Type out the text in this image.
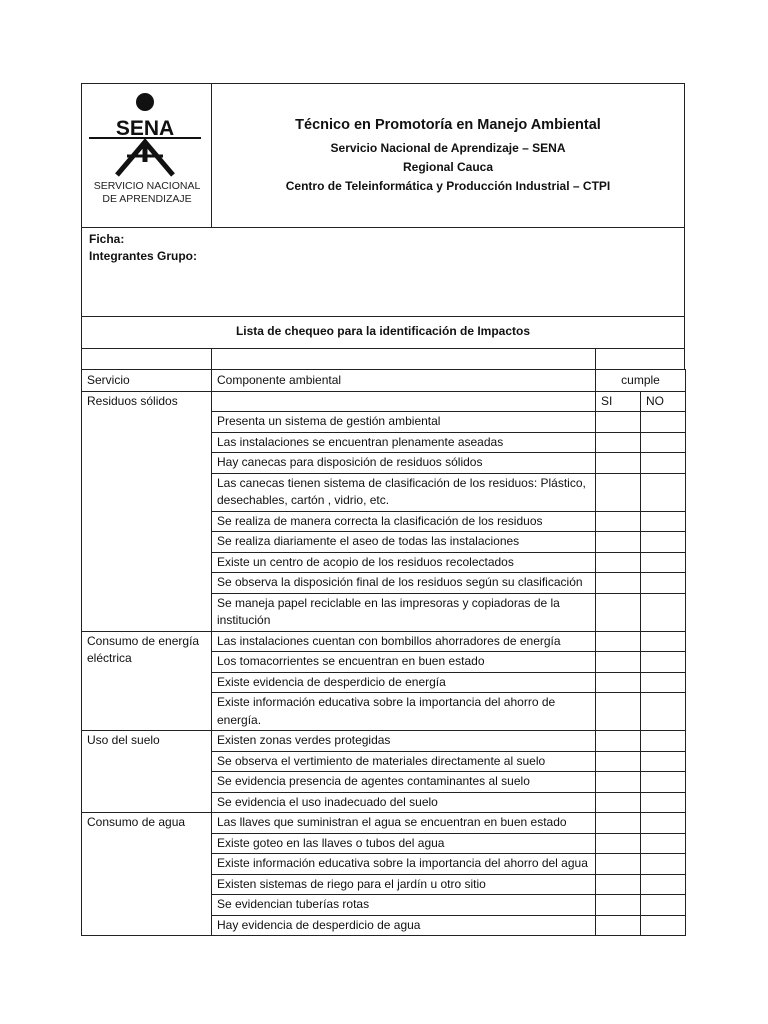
SENA
SERVICIO NACIONAL
DE APRENDIZAJE
Técnico en Promotoría en Manejo Ambiental
Servicio Nacional de Aprendizaje – SENA
Regional Cauca
Centro de Teleinformática y Producción Industrial – CTPI
Ficha:
Integrantes Grupo:
Lista de chequeo para la identificación de Impactos
Servicio	Componente ambiental	cumple	
Residuos sólidos		SI	NO
	Presenta un sistema de gestión ambiental		
	Las instalaciones se encuentran plenamente aseadas		
	Hay canecas para disposición de residuos sólidos		
	Las canecas tienen sistema de clasificación de los residuos: Plástico, desechables, cartón , vidrio, etc.		
	Se realiza de manera correcta la clasificación de los residuos		
	Se realiza diariamente el aseo de todas las instalaciones		
	Existe un centro de acopio de los residuos recolectados		
	Se observa la disposición final de los residuos según su clasificación		
	Se maneja papel reciclable en las impresoras y copiadoras de la institución		
Consumo de energía eléctrica	Las instalaciones cuentan con bombillos ahorradores de energía		
	Los tomacorrientes se encuentran en buen estado		
	Existe evidencia de desperdicio de energía		
	Existe información educativa sobre la importancia del ahorro de energía.		
Uso del suelo	Existen zonas verdes protegidas		
	Se observa el vertimiento de materiales directamente al suelo		
	Se evidencia presencia de agentes contaminantes al suelo		
	Se evidencia el uso inadecuado del suelo		
Consumo de agua	Las llaves que suministran el agua se encuentran en buen estado		
	Existe goteo en las llaves o tubos del agua		
	Existe información educativa sobre la importancia del ahorro del agua		
	Existen sistemas de riego para el jardín u otro sitio		
	Se evidencian tuberías rotas		
	Hay evidencia de desperdicio de agua		
